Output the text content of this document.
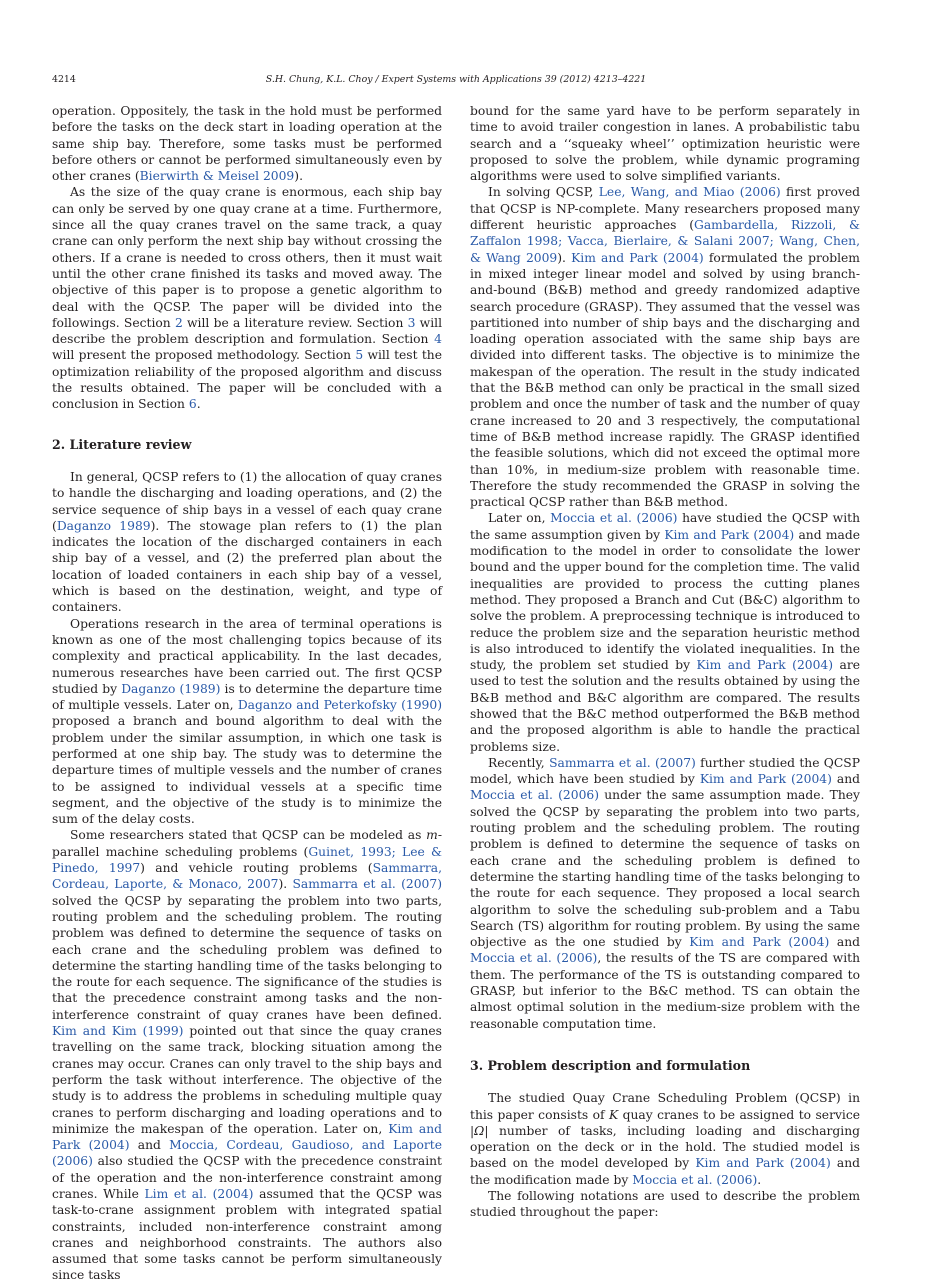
4214	S.H. Chung, K.L. Choy / Expert Systems with Applications 39 (2012) 4213–4221

operation. Oppositely, the task in the hold must be performed before the tasks on the deck start in loading operation at the same ship bay. Therefore, some tasks must be performed before others or cannot be performed simultaneously even by other cranes (Bierwirth & Meisel 2009).

As the size of the quay crane is enormous, each ship bay can only be served by one quay crane at a time. Furthermore, since all the quay cranes travel on the same track, a quay crane can only perform the next ship bay without crossing the others. If a crane is needed to cross others, then it must wait until the other crane finished its tasks and moved away. The objective of this paper is to propose a genetic algorithm to deal with the QCSP. The paper will be divided into the followings. Section 2 will be a literature review. Section 3 will describe the problem description and formulation. Section 4 will present the proposed methodology. Section 5 will test the optimization reliability of the proposed algorithm and discuss the results obtained. The paper will be concluded with a conclusion in Section 6.

2. Literature review

In general, QCSP refers to (1) the allocation of quay cranes to handle the discharging and loading operations, and (2) the service sequence of ship bays in a vessel of each quay crane (Daganzo 1989). The stowage plan refers to (1) the plan indicates the location of the discharged containers in each ship bay of a vessel, and (2) the preferred plan about the location of loaded containers in each ship bay of a vessel, which is based on the destination, weight, and type of containers.

Operations research in the area of terminal operations is known as one of the most challenging topics because of its complexity and practical applicability. In the last decades, numerous researches have been carried out. The first QCSP studied by Daganzo (1989) is to determine the departure time of multiple vessels. Later on, Daganzo and Peterkofsky (1990) proposed a branch and bound algorithm to deal with the problem under the similar assumption, in which one task is performed at one ship bay. The study was to determine the departure times of multiple vessels and the number of cranes to be assigned to individual vessels at a specific time segment, and the objective of the study is to minimize the sum of the delay costs.

Some researchers stated that QCSP can be modeled as m-parallel machine scheduling problems (Guinet, 1993; Lee & Pinedo, 1997) and vehicle routing problems (Sammarra, Cordeau, Laporte, & Monaco, 2007). Sammarra et al. (2007) solved the QCSP by separating the problem into two parts, routing problem and the scheduling problem. The routing problem was defined to determine the sequence of tasks on each crane and the scheduling problem was defined to determine the starting handling time of the tasks belonging to the route for each sequence. The significance of the studies is that the precedence constraint among tasks and the non-interference constraint of quay cranes have been defined. Kim and Kim (1999) pointed out that since the quay cranes travelling on the same track, blocking situation among the cranes may occur. Cranes can only travel to the ship bays and perform the task without interference. The objective of the study is to address the problems in scheduling multiple quay cranes to perform discharging and loading operations and to minimize the makespan of the operation. Later on, Kim and Park (2004) and Moccia, Cordeau, Gaudioso, and Laporte (2006) also studied the QCSP with the precedence constraint of the operation and the non-interference constraint among cranes. While Lim et al. (2004) assumed that the QCSP was task-to-crane assignment problem with integrated spatial constraints, included non-interference constraint among cranes and neighborhood constraints. The authors also assumed that some tasks cannot be perform simultaneously since tasks

bound for the same yard have to be perform separately in time to avoid trailer congestion in lanes. A probabilistic tabu search and a ‘‘squeaky wheel’’ optimization heuristic were proposed to solve the problem, while dynamic programing algorithms were used to solve simplified variants.

In solving QCSP, Lee, Wang, and Miao (2006) first proved that QCSP is NP-complete. Many researchers proposed many different heuristic approaches (Gambardella, Rizzoli, & Zaffalon 1998; Vacca, Bierlaire, & Salani 2007; Wang, Chen, & Wang 2009). Kim and Park (2004) formulated the problem in mixed integer linear model and solved by using branch-and-bound (B&B) method and greedy randomized adaptive search procedure (GRASP). They assumed that the vessel was partitioned into number of ship bays and the discharging and loading operation associated with the same ship bays are divided into different tasks. The objective is to minimize the makespan of the operation. The result in the study indicated that the B&B method can only be practical in the small sized problem and once the number of task and the number of quay crane increased to 20 and 3 respectively, the computational time of B&B method increase rapidly. The GRASP identified the feasible solutions, which did not exceed the optimal more than 10%, in medium-size problem with reasonable time. Therefore the study recommended the GRASP in solving the practical QCSP rather than B&B method.

Later on, Moccia et al. (2006) have studied the QCSP with the same assumption given by Kim and Park (2004) and made modification to the model in order to consolidate the lower bound and the upper bound for the completion time. The valid inequalities are provided to process the cutting planes method. They proposed a Branch and Cut (B&C) algorithm to solve the problem. A preprocessing technique is introduced to reduce the problem size and the separation heuristic method is also introduced to identify the violated inequalities. In the study, the problem set studied by Kim and Park (2004) are used to test the solution and the results obtained by using the B&B method and B&C algorithm are compared. The results showed that the B&C method outperformed the B&B method and the proposed algorithm is able to handle the practical problems size.

Recently, Sammarra et al. (2007) further studied the QCSP model, which have been studied by Kim and Park (2004) and Moccia et al. (2006) under the same assumption made. They solved the QCSP by separating the problem into two parts, routing problem and the scheduling problem. The routing problem is defined to determine the sequence of tasks on each crane and the scheduling problem is defined to determine the starting handling time of the tasks belonging to the route for each sequence. They proposed a local search algorithm to solve the scheduling sub-problem and a Tabu Search (TS) algorithm for routing problem. By using the same objective as the one studied by Kim and Park (2004) and Moccia et al. (2006), the results of the TS are compared with them. The performance of the TS is outstanding compared to GRASP, but inferior to the B&C method. TS can obtain the almost optimal solution in the medium-size problem with the reasonable computation time.

3. Problem description and formulation

The studied Quay Crane Scheduling Problem (QCSP) in this paper consists of K quay cranes to be assigned to service |Ω| number of tasks, including loading and discharging operation on the deck or in the hold. The studied model is based on the model developed by Kim and Park (2004) and the modification made by Moccia et al. (2006).

The following notations are used to describe the problem studied throughout the paper:
